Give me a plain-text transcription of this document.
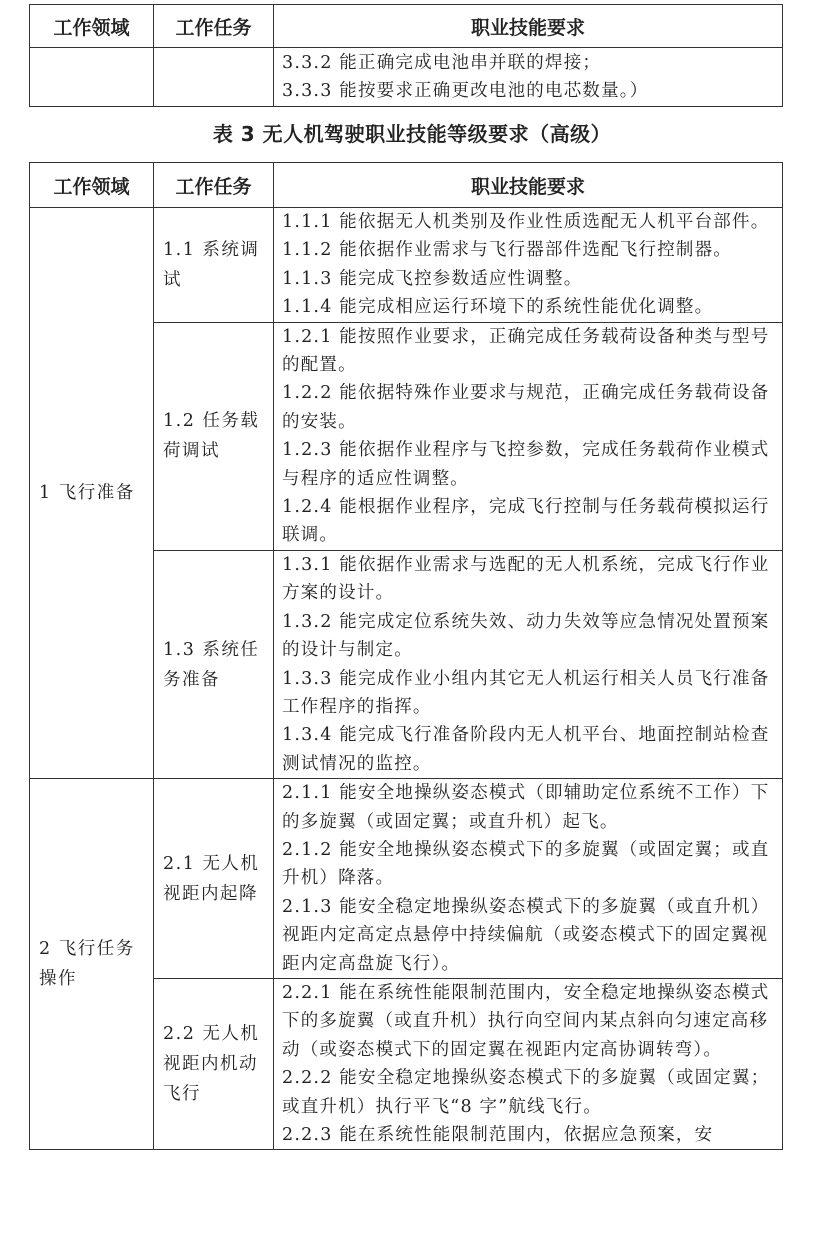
工作领域	工作任务	职业技能要求

		3.3.2 能正确完成电池串并联的焊接；
3.3.3 能按要求正确更改电池的电芯数量。）
表 3 无人机驾驶职业技能等级要求（高级）
工作领域	工作任务	职业技能要求
1 飞行准备	1.1 系统调试	1.1.1 能依据无人机类别及作业性质选配无人机平台部件。
1.1.2 能依据作业需求与飞行器部件选配飞行控制器。
1.1.3 能完成飞控参数适应性调整。
1.1.4 能完成相应运行环境下的系统性能优化调整。

	1.2 任务载荷调试	1.2.1 能按照作业要求，正确完成任务载荷设备种类与型号的配置。
1.2.2 能依据特殊作业要求与规范，正确完成任务载荷设备的安装。
1.2.3 能依据作业程序与飞控参数，完成任务载荷作业模式与程序的适应性调整。
1.2.4 能根据作业程序，完成飞行控制与任务载荷模拟运行联调。

	1.3 系统任务准备	1.3.1 能依据作业需求与选配的无人机系统，完成飞行作业方案的设计。
1.3.2 能完成定位系统失效、动力失效等应急情况处置预案的设计与制定。
1.3.3 能完成作业小组内其它无人机运行相关人员飞行准备工作程序的指挥。
1.3.4 能完成飞行准备阶段内无人机平台、地面控制站检查测试情况的监控。

2 飞行任务操作	2.1 无人机视距内起降	2.1.1 能安全地操纵姿态模式（即辅助定位系统不工作）下的多旋翼（或固定翼；或直升机）起飞。
2.1.2 能安全地操纵姿态模式下的多旋翼（或固定翼；或直升机）降落。
2.1.3 能安全稳定地操纵姿态模式下的多旋翼（或直升机）视距内定高定点悬停中持续偏航（或姿态模式下的固定翼视距内定高盘旋飞行）。

	2.2 无人机视距内机动飞行	2.2.1 能在系统性能限制范围内，安全稳定地操纵姿态模式下的多旋翼（或直升机）执行向空间内某点斜向匀速定高移动（或姿态模式下的固定翼在视距内定高协调转弯）。
2.2.2 能安全稳定地操纵姿态模式下的多旋翼（或固定翼；或直升机）执行平飞“8 字”航线飞行。
2.2.3 能在系统性能限制范围内，依据应急预案，安
